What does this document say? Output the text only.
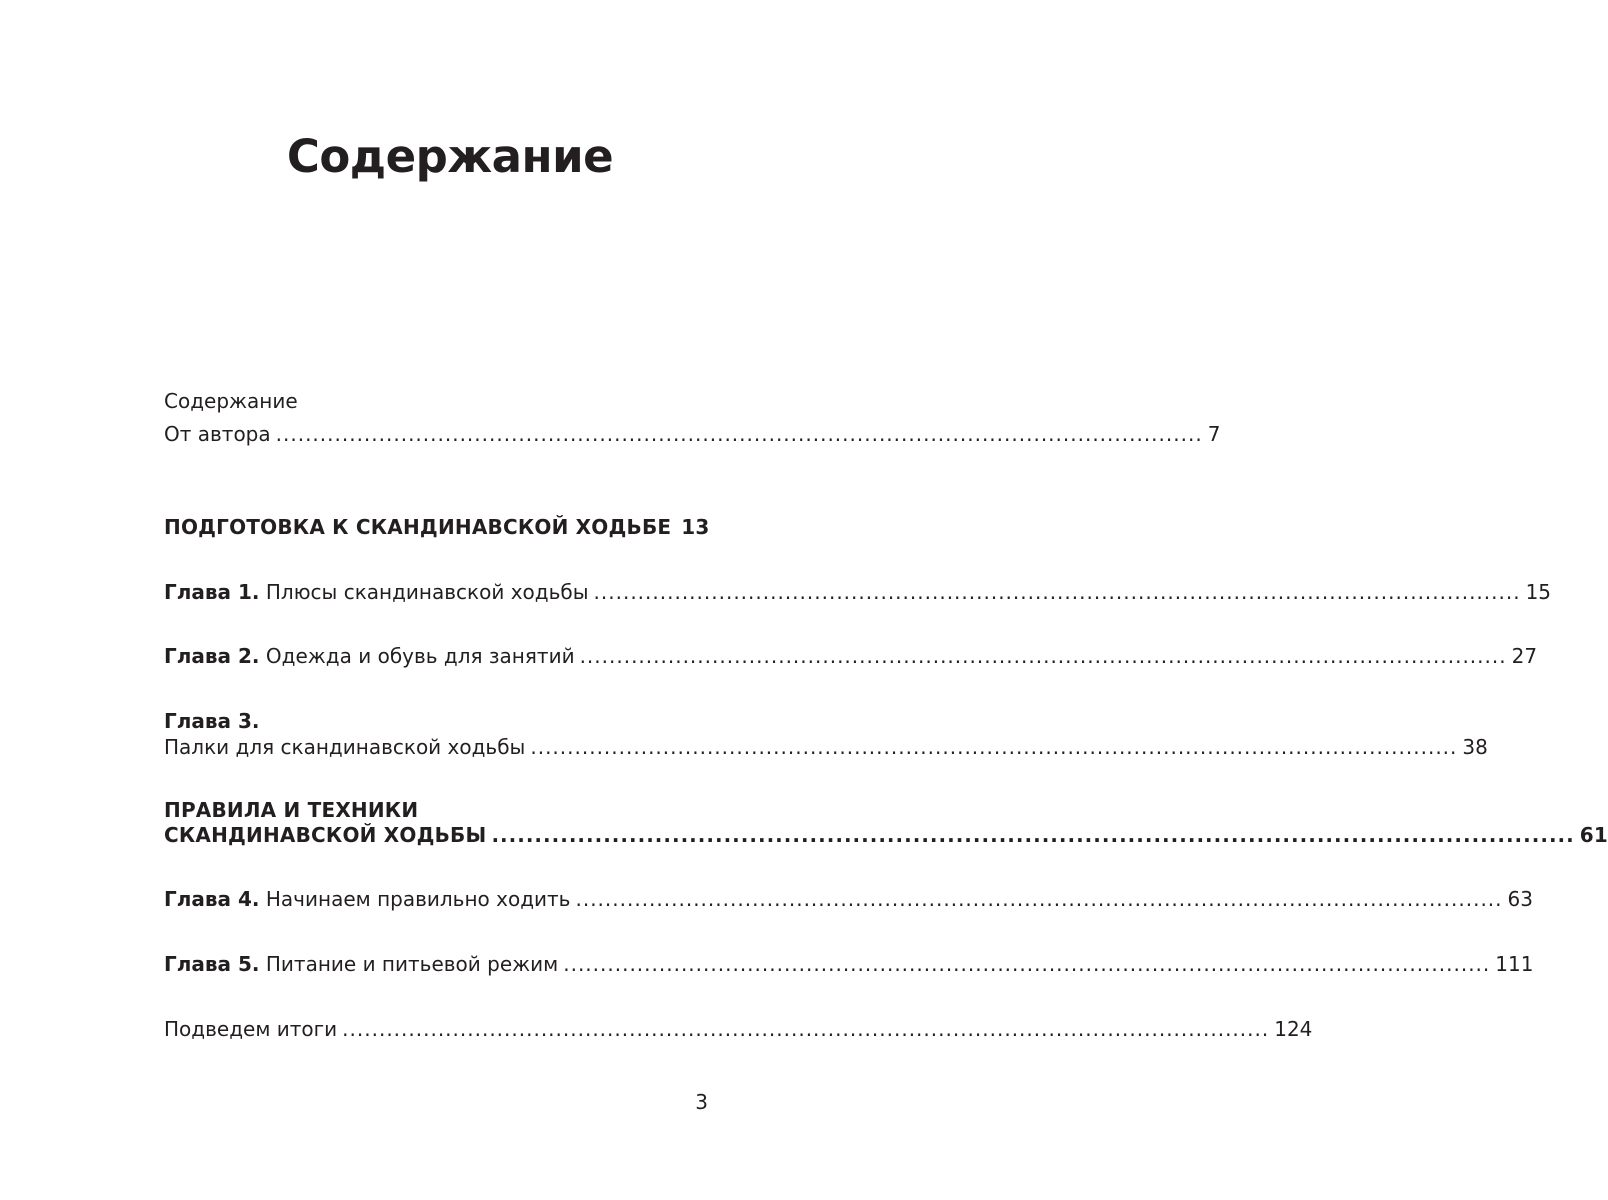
Содержание
Содержание
От автора .............................................................................................................................. 7
ПОДГОТОВКА К СКАНДИНАВСКОЙ ХОДЬБЕ 13
Глава 1. Плюсы скандинавской ходьбы .............................................................................................................................. 15
Глава 2. Одежда и обувь для занятий .............................................................................................................................. 27
Глава 3.
Палки для скандинавской ходьбы .............................................................................................................................. 38
ПРАВИЛА И ТЕХНИКИ
СКАНДИНАВСКОЙ ХОДЬБЫ .............................................................................................................................. 61
Глава 4. Начинаем правильно ходить .............................................................................................................................. 63
Глава 5. Питание и питьевой режим .............................................................................................................................. 111
Подведем итоги .............................................................................................................................. 124
3
